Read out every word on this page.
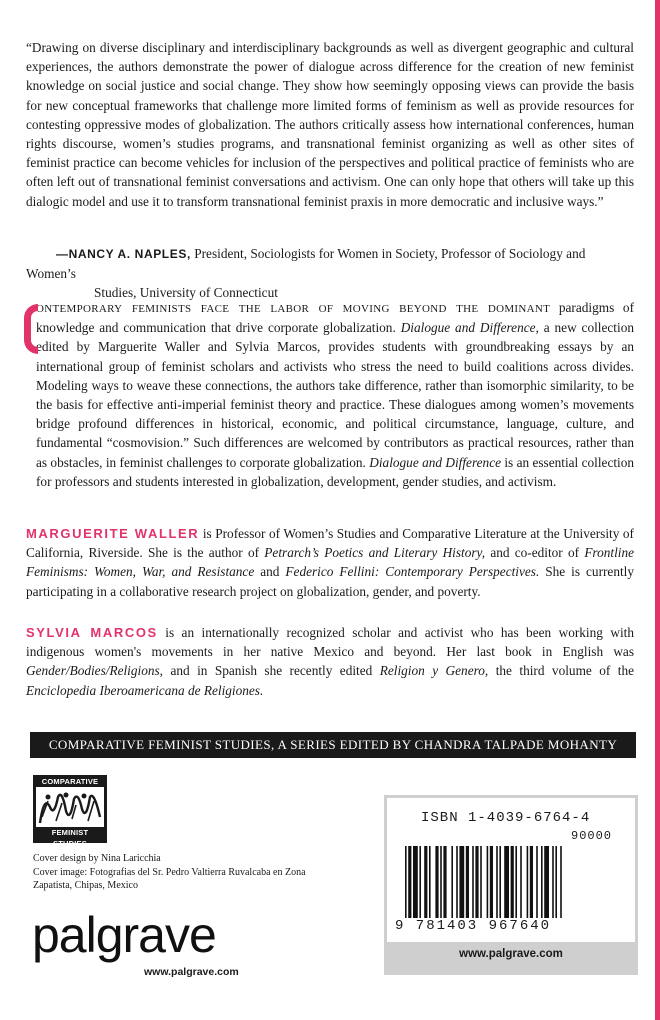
“Drawing on diverse disciplinary and interdisciplinary backgrounds as well as divergent geographic and cultural experiences, the authors demonstrate the power of dialogue across difference for the creation of new feminist knowledge on social justice and social change. They show how seemingly opposing views can provide the basis for new conceptual frameworks that challenge more limited forms of feminism as well as provide resources for contesting oppressive modes of globalization. The authors critically assess how international conferences, human rights discourse, women’s studies programs, and transnational feminist organizing as well as other sites of feminist practice can become vehicles for inclusion of the perspectives and political practice of feminists who are often left out of transnational feminist conversations and activism. One can only hope that others will take up this dialogic model and use it to transform transnational feminist praxis in more democratic and inclusive ways.”

—NANCY A. NAPLES, President, Sociologists for Women in Society, Professor of Sociology and Women’s
Studies, University of Connecticut

ontemporary feminists face the labor of moving beyond the dominant paradigms of knowledge and communication that drive corporate globalization. Dialogue and Difference, a new collection edited by Marguerite Waller and Sylvia Marcos, provides students with groundbreaking essays by an international group of feminist scholars and activists who stress the need to build coalitions across divides. Modeling ways to weave these connections, the authors take difference, rather than isomorphic similarity, to be the basis for effective anti-imperial feminist theory and practice. These dialogues among women’s movements bridge profound differences in historical, economic, and political circumstance, language, culture, and fundamental “cosmovision.” Such differences are welcomed by contributors as practical resources, rather than as obstacles, in feminist challenges to corporate globalization. Dialogue and Difference is an essential collection for professors and students interested in globalization, development, gender studies, and activism.

MARGUERITE WALLER is Professor of Women’s Studies and Comparative Literature at the University of California, Riverside. She is the author of Petrarch’s Poetics and Literary History, and co-editor of Frontline Feminisms: Women, War, and Resistance and Federico Fellini: Contemporary Perspectives. She is currently participating in a collaborative research project on globalization, gender, and poverty.

SYLVIA MARCOS is an internationally recognized scholar and activist who has been working with indigenous women's movements in her native Mexico and beyond. Her last book in English was Gender/Bodies/Religions, and in Spanish she recently edited Religion y Genero, the third volume of the Enciclopedia Iberoamericana de Religiones.

COMPARATIVE FEMINIST STUDIES, A SERIES EDITED BY CHANDRA TALPADE MOHANTY
COMPARATIVE
FEMINIST STUDIES

Cover design by Nina Laricchia
Cover image: Fotografias del Sr. Pedro Valtierra Ruvalcaba en Zona
Zapatista, Chipas, Mexico

palgrave
www.palgrave.com
ISBN 1-4039-6764-4
90000
9 781403 967640
www.palgrave.com
